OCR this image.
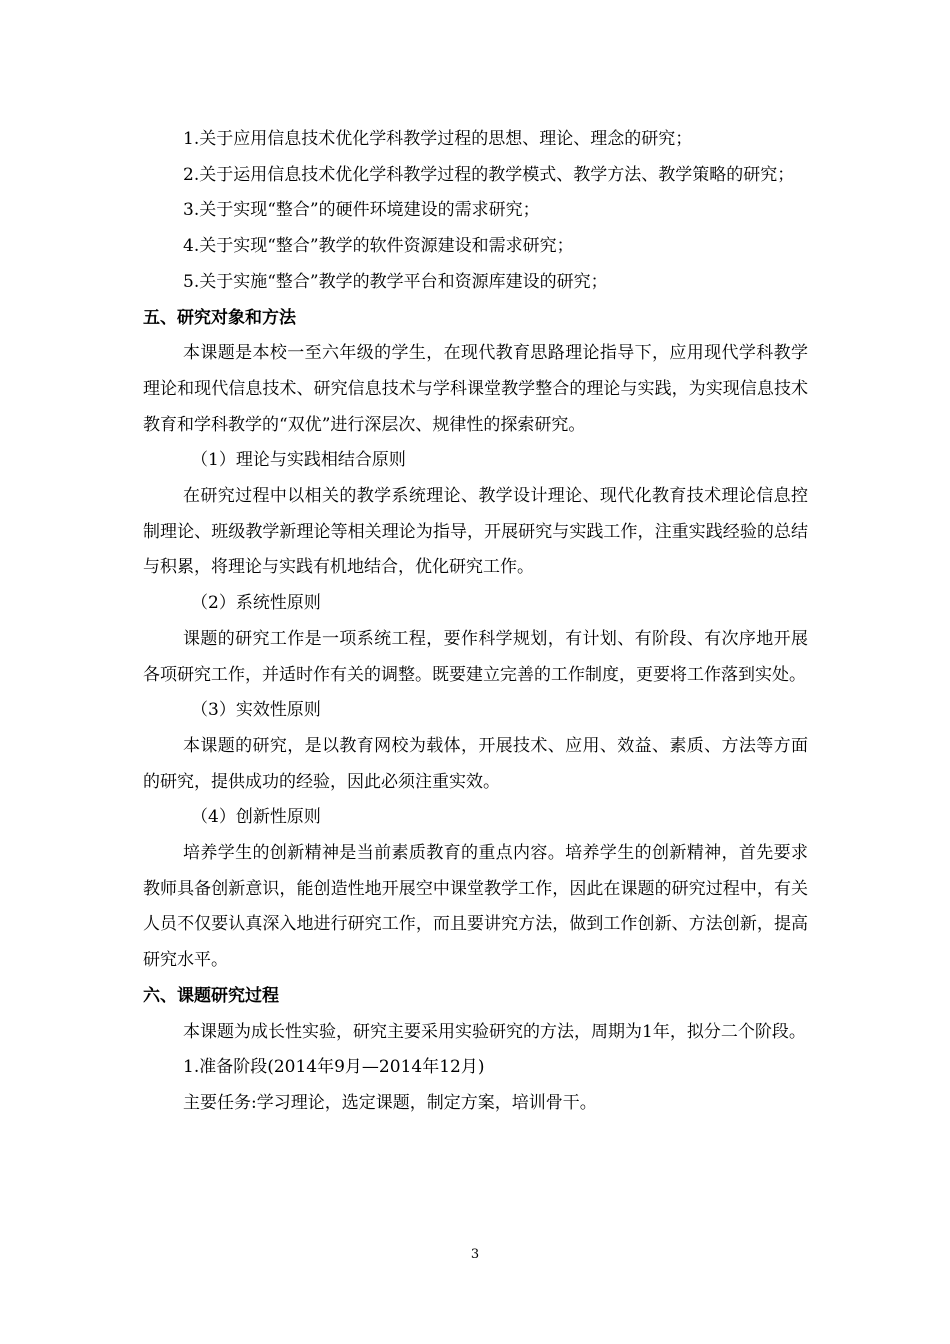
1.关于应用信息技术优化学科教学过程的思想、理论、理念的研究；

2.关于运用信息技术优化学科教学过程的教学模式、教学方法、教学策略的研究；

3.关于实现“整合”的硬件环境建设的需求研究；

4.关于实现“整合”教学的软件资源建设和需求研究；

5.关于实施“整合”教学的教学平台和资源库建设的研究；

五、研究对象和方法

本课题是本校一至六年级的学生，在现代教育思路理论指导下，应用现代学科教学理论和现代信息技术、研究信息技术与学科课堂教学整合的理论与实践，为实现信息技术教育和学科教学的“双优”进行深层次、规律性的探索研究。

（1）理论与实践相结合原则

在研究过程中以相关的教学系统理论、教学设计理论、现代化教育技术理论信息控制理论、班级教学新理论等相关理论为指导，开展研究与实践工作，注重实践经验的总结与积累，将理论与实践有机地结合，优化研究工作。

（2）系统性原则

课题的研究工作是一项系统工程，要作科学规划，有计划、有阶段、有次序地开展各项研究工作，并适时作有关的调整。既要建立完善的工作制度，更要将工作落到实处。

（3）实效性原则

本课题的研究，是以教育网校为载体，开展技术、应用、效益、素质、方法等方面的研究，提供成功的经验，因此必须注重实效。

（4）创新性原则

培养学生的创新精神是当前素质教育的重点内容。培养学生的创新精神，首先要求教师具备创新意识，能创造性地开展空中课堂教学工作，因此在课题的研究过程中，有关人员不仅要认真深入地进行研究工作，而且要讲究方法，做到工作创新、方法创新，提高研究水平。

六、课题研究过程

本课题为成长性实验，研究主要采用实验研究的方法，周期为1年，拟分二个阶段。

1.准备阶段(2014年9月—2014年12月)

主要任务:学习理论，选定课题，制定方案，培训骨干。

3
